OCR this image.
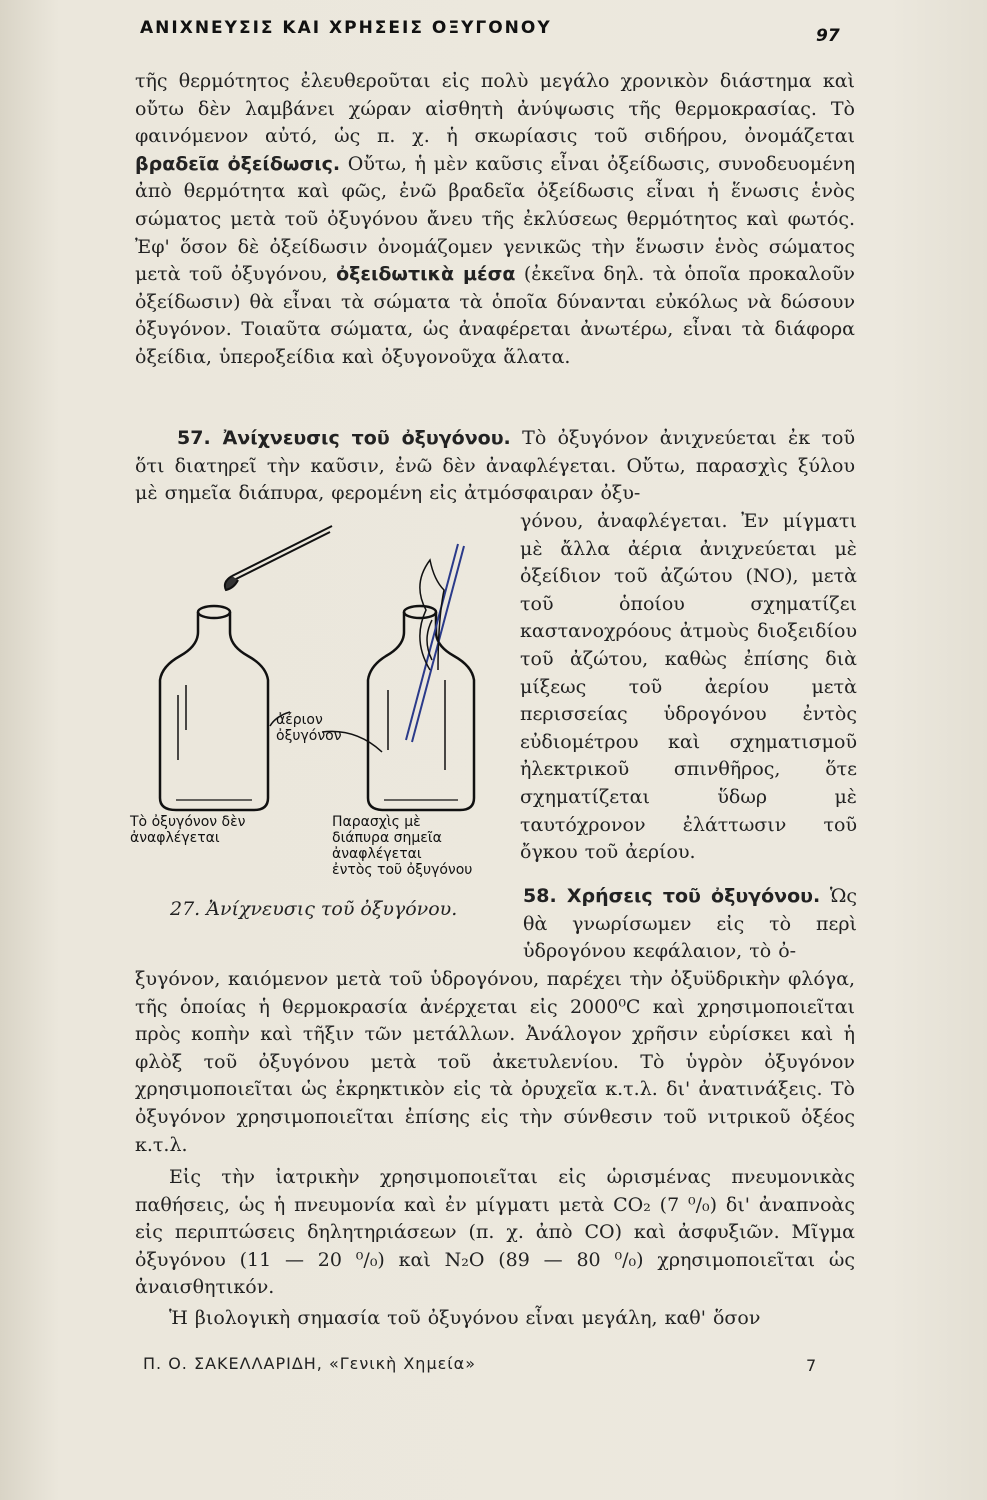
ΑΝΙΧΝΕΥΣΙΣ ΚΑΙ ΧΡΗΣΕΙΣ ΟΞΥΓΟΝΟΥ	97

τῆς θερμότητος ἐλευθεροῦται εἰς πολὺ μεγάλο χρονικὸν διάστημα καὶ οὔτω δὲν λαμβάνει χώραν αἰσθητὴ ἀνύψωσις τῆς θερμοκρασίας. Τὸ φαινόμενον αὐτό, ὡς π. χ. ἡ σκωρίασις τοῦ σιδήρου, ὀνομάζεται βραδεῖα ὀξείδωσις. Οὔτω, ἡ μὲν καῦσις εἶναι ὀξείδωσις, συνοδευομένη ἀπὸ θερμότητα καὶ φῶς, ἐνῶ βραδεῖα ὀξείδωσις εἶναι ἡ ἕνωσις ἑνὸς σώματος μετὰ τοῦ ὀξυγόνου ἄνευ τῆς ἐκλύσεως θερμότητος καὶ φωτός. Ἐφ' ὅσον δὲ ὀξείδωσιν ὀνομάζομεν γενικῶς τὴν ἕνωσιν ἑνὸς σώματος μετὰ τοῦ ὀξυγόνου, ὀξειδωτικὰ μέσα (ἐκεῖνα δηλ. τὰ ὁποῖα προκαλοῦν ὀξείδωσιν) θὰ εἶναι τὰ σώματα τὰ ὁποῖα δύνανται εὐκόλως νὰ δώσουν ὀξυγόνον. Τοιαῦτα σώματα, ὡς ἀναφέρεται ἀνωτέρω, εἶναι τὰ διάφορα ὀξείδια, ὑπεροξείδια καὶ ὀξυγονοῦχα ἅλατα.

57. Ἀνίχνευσις τοῦ ὀξυγόνου. Τὸ ὀξυγόνον ἀνιχνεύεται ἐκ τοῦ ὅτι διατηρεῖ τὴν καῦσιν, ἐνῶ δὲν ἀναφλέγεται. Οὔτω, παρασχὶς ξύλου μὲ σημεῖα διάπυρα, φερομένη εἰς ἀτμόσφαιραν ὀξυ-

γόνου, ἀναφλέγεται. Ἐν μίγματι μὲ ἄλλα ἀέρια ἀνιχνεύεται μὲ ὀξείδιον τοῦ ἀζώτου (NO), μετὰ τοῦ ὁποίου σχηματίζει καστανοχρόους ἀτμοὺς διοξειδίου τοῦ ἀζώτου, καθὼς ἐπίσης διὰ μίξεως τοῦ ἀερίου μετὰ περισσείας ὑδρογόνου ἐντὸς εὐδιομέτρου καὶ σχηματισμοῦ ἠλεκτρικοῦ σπινθῆρος, ὅτε σχηματίζεται ὕδωρ μὲ ταυτόχρονον ἐλάττωσιν τοῦ ὄγκου τοῦ ἀερίου.

ἀέριον
ὀξυγόνον

Τὸ ὀξυγόνον δὲν
ἀναφλέγεται

Παρασχὶς μὲ
διάπυρα σημεῖα
ἀναφλέγεται
ἐντὸς τοῦ ὀξυγόνου

27. Ἀνίχνευσις τοῦ ὀξυγόνου.

58. Χρήσεις τοῦ ὀξυγόνου. Ὡς θὰ γνωρίσωμεν εἰς τὸ περὶ ὑδρογόνου κεφάλαιον, τὸ ὀ-

ξυγόνον, καιόμενον μετὰ τοῦ ὑδρογόνου, παρέχει τὴν ὀξυϋδρικὴν φλόγα, τῆς ὁποίας ἡ θερμοκρασία ἀνέρχεται εἰς 2000⁰C καὶ χρησιμοποιεῖται πρὸς κοπὴν καὶ τῆξιν τῶν μετάλλων. Ἀνάλογον χρῆσιν εὑρίσκει καὶ ἡ φλὸξ τοῦ ὀξυγόνου μετὰ τοῦ ἀκετυλενίου. Τὸ ὑγρὸν ὀξυγόνον χρησιμοποιεῖται ὡς ἐκρηκτικὸν εἰς τὰ ὀρυχεῖα κ.τ.λ. δι' ἀνατινάξεις. Τὸ ὀξυγόνον χρησιμοποιεῖται ἐπίσης εἰς τὴν σύνθεσιν τοῦ νιτρικοῦ ὀξέος κ.τ.λ.

Εἰς τὴν ἰατρικὴν χρησιμοποιεῖται εἰς ὡρισμένας πνευμονικὰς παθήσεις, ὡς ἡ πνευμονία καὶ ἐν μίγματι μετὰ CO₂ (7 ⁰/₀) δι' ἀναπνοὰς εἰς περιπτώσεις δηλητηριάσεων (π. χ. ἀπὸ CO) καὶ ἀσφυξιῶν. Μῖγμα ὀξυγόνου (11 — 20 ⁰/₀) καὶ N₂O (89 — 80 ⁰/₀) χρησιμοποιεῖται ὡς ἀναισθητικόν.

Ἡ βιολογικὴ σημασία τοῦ ὀξυγόνου εἶναι μεγάλη, καθ' ὅσον

Π. Ο. ΣΑΚΕΛΛΑΡΙΔΗ, «Γενικὴ Χημεία»	7
